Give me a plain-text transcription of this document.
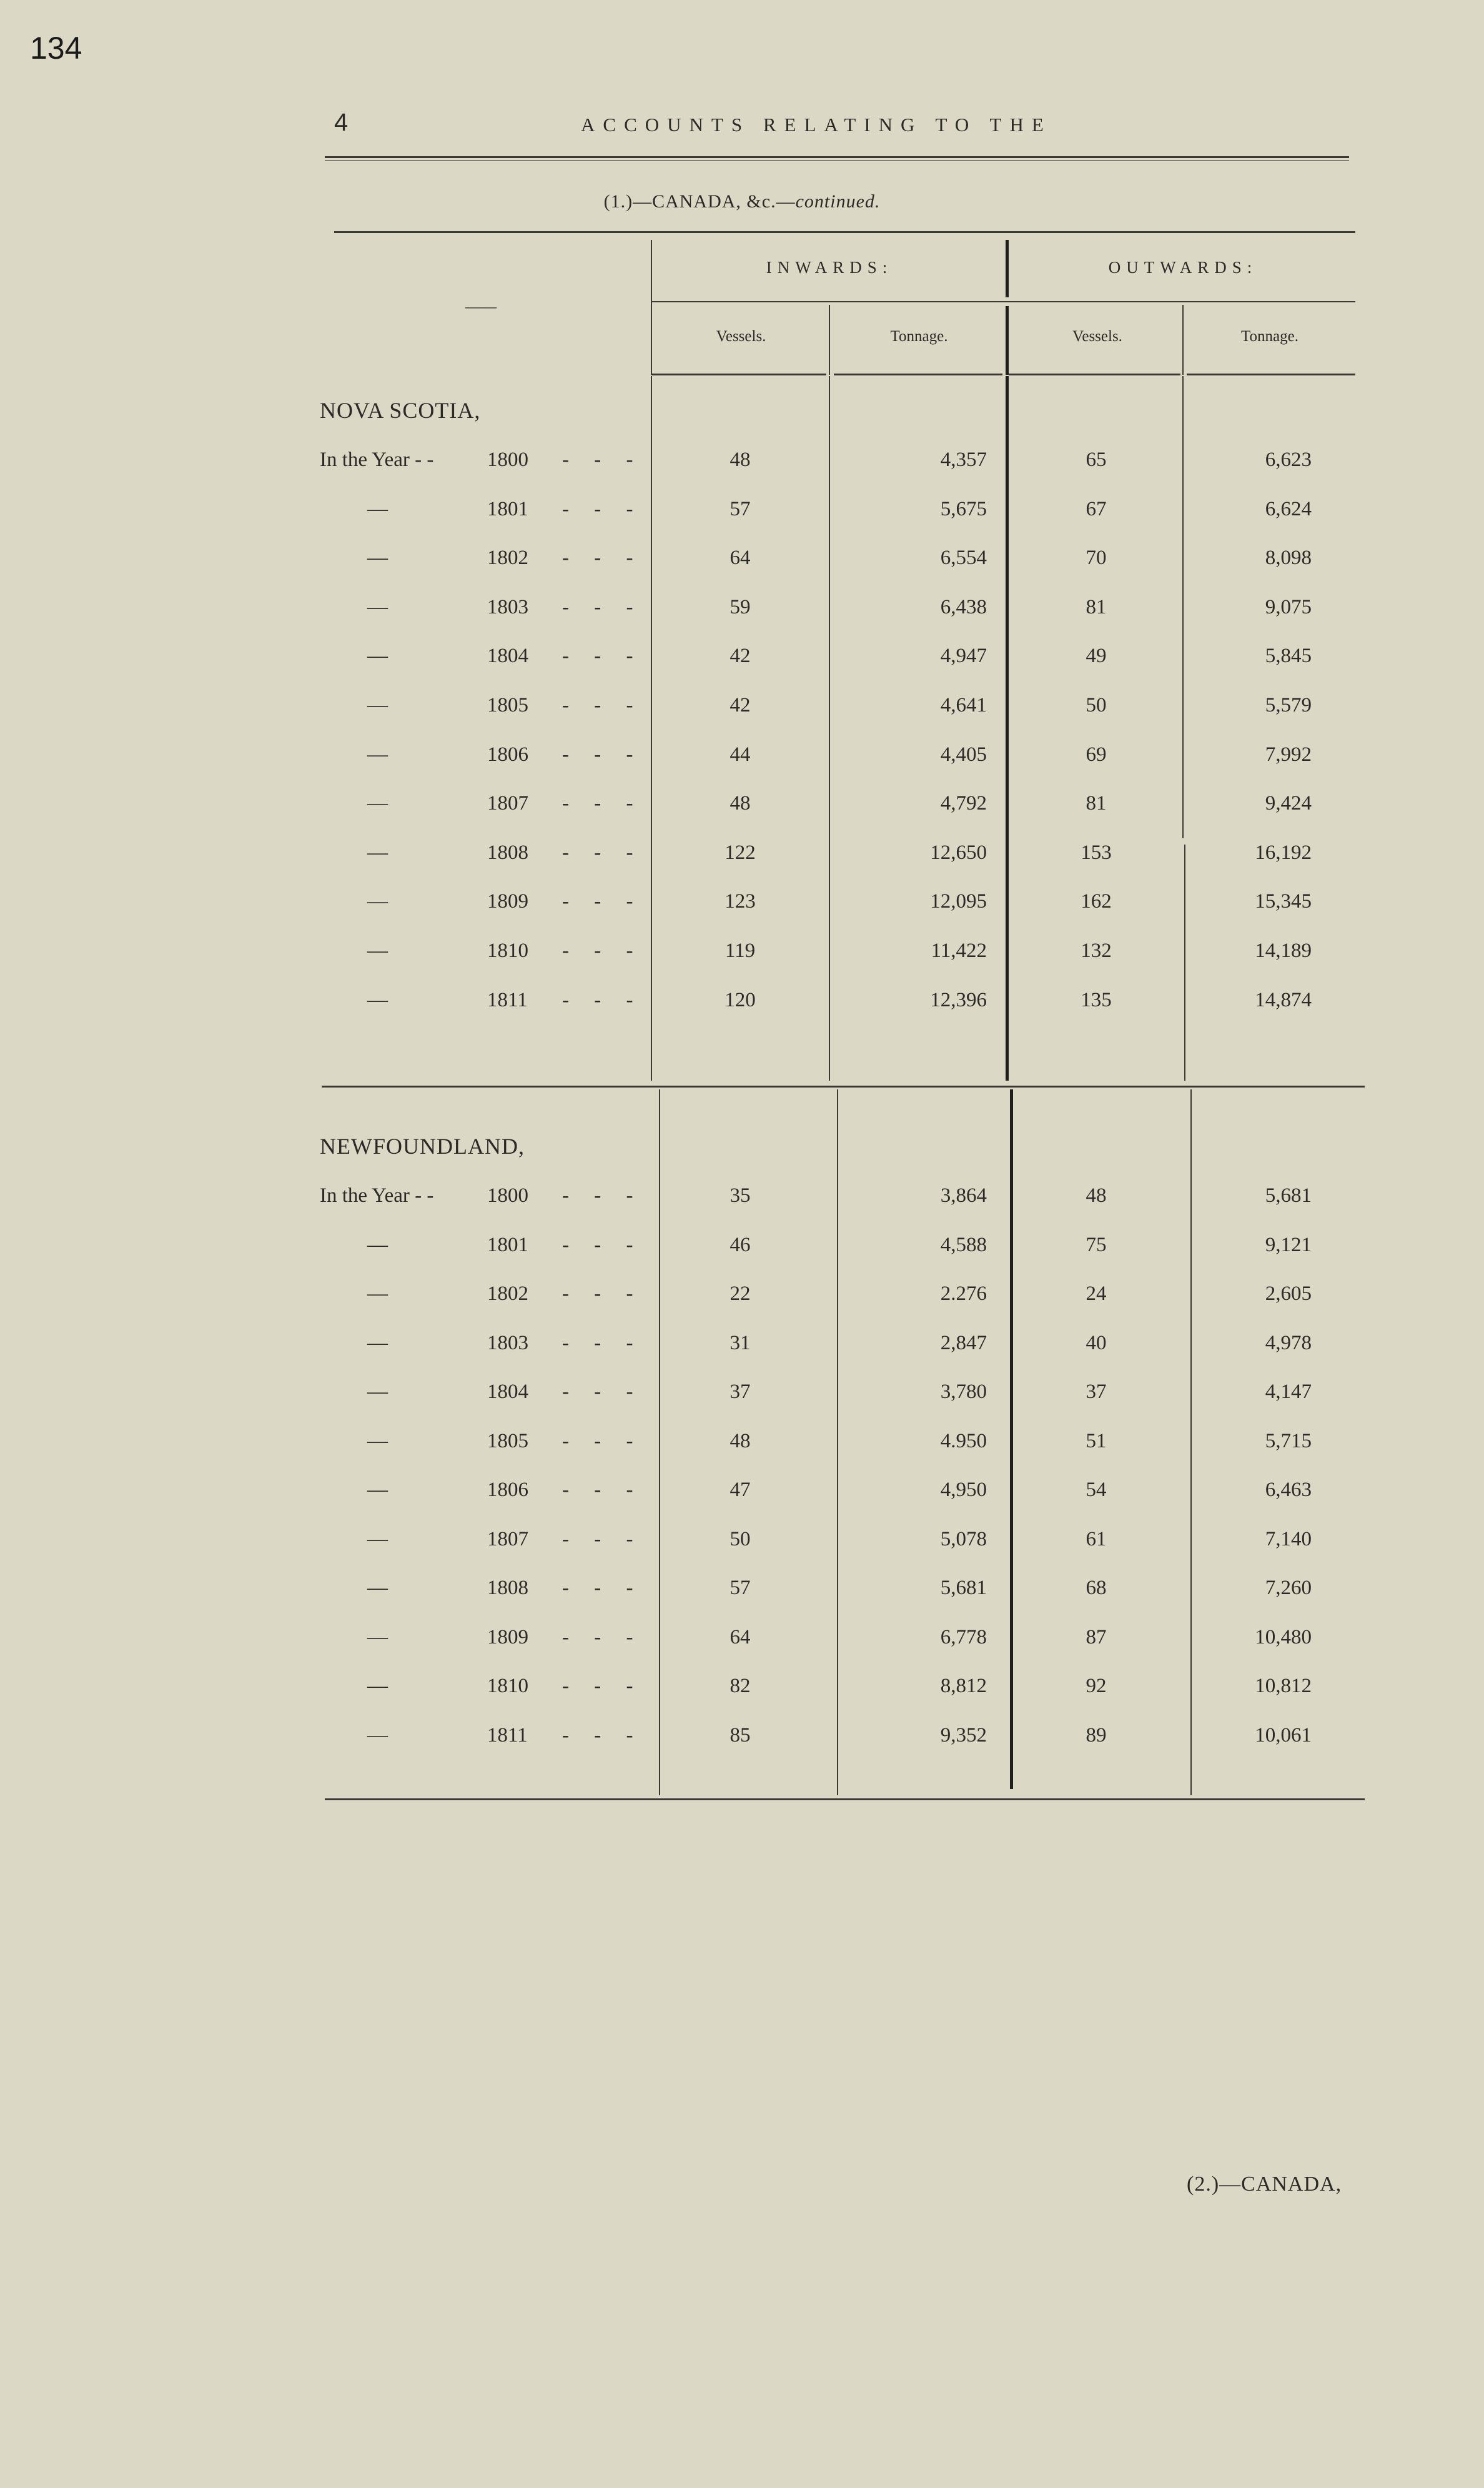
134
4	ACCOUNTS RELATING TO THE
(1.)—CANADA, &c.—continued.
——
INWARDS:	OUTWARDS:
Vessels.	Tonnage.	Vessels.	Tonnage.
NOVA SCOTIA,
In the Year - -	1800 - - -	48	4,357	65	6,623
—	1801 - - -	57	5,675	67	6,624
—	1802 - - -	64	6,554	70	8,098
—	1803 - - -	59	6,438	81	9,075
—	1804 - - -	42	4,947	49	5,845
—	1805 - - -	42	4,641	50	5,579
—	1806 - - -	44	4,405	69	7,992
—	1807 - - -	48	4,792	81	9,424
—	1808 - - -	122	12,650	153	16,192
—	1809 - - -	123	12,095	162	15,345
—	1810 - - -	119	11,422	132	14,189
—	1811 - - -	120	12,396	135	14,874
NEWFOUNDLAND,
In the Year - -	1800 - - -	35	3,864	48	5,681
—	1801 - - -	46	4,588	75	9,121
—	1802 - - -	22	2.276	24	2,605
—	1803 - - -	31	2,847	40	4,978
—	1804 - - -	37	3,780	37	4,147
—	1805 - - -	48	4.950	51	5,715
—	1806 - - -	47	4,950	54	6,463
—	1807 - - -	50	5,078	61	7,140
—	1808 - - -	57	5,681	68	7,260
—	1809 - - -	64	6,778	87	10,480
—	1810 - - -	82	8,812	92	10,812
—	1811 - - -	85	9,352	89	10,061
(2.)—CANADA,
